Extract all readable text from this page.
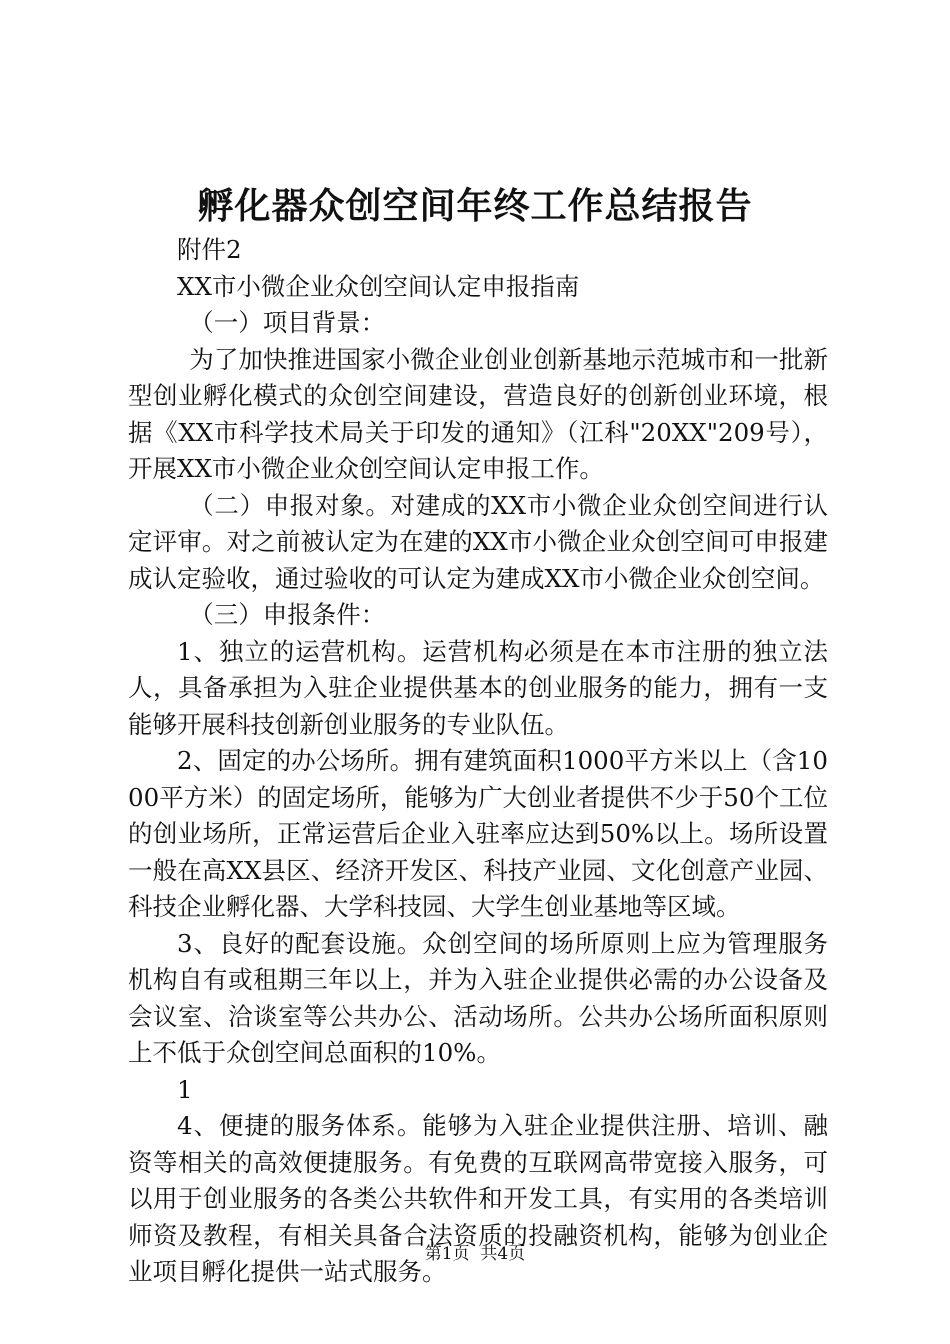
孵化器众创空间年终工作总结报告

附件2

XX市小微企业众创空间认定申报指南

（一）项目背景：

为了加快推进国家小微企业创业创新基地示范城市和一批新型创业孵化模式的众创空间建设，营造良好的创新创业环境，根据《XX市科学技术局关于印发的通知》（江科"20XX"209号），开展XX市小微企业众创空间认定申报工作。

（二）申报对象。对建成的XX市小微企业众创空间进行认定评审。对之前被认定为在建的XX市小微企业众创空间可申报建成认定验收，通过验收的可认定为建成XX市小微企业众创空间。

（三）申报条件：

1、独立的运营机构。运营机构必须是在本市注册的独立法人，具备承担为入驻企业提供基本的创业服务的能力，拥有一支能够开展科技创新创业服务的专业队伍。

2、固定的办公场所。拥有建筑面积1000平方米以上（含1000平方米）的固定场所，能够为广大创业者提供不少于50个工位的创业场所，正常运营后企业入驻率应达到50%以上。场所设置一般在高XX县区、经济开发区、科技产业园、文化创意产业园、科技企业孵化器、大学科技园、大学生创业基地等区域。

3、良好的配套设施。众创空间的场所原则上应为管理服务机构自有或租期三年以上，并为入驻企业提供必需的办公设备及会议室、洽谈室等公共办公、活动场所。公共办公场所面积原则上不低于众创空间总面积的10%。

1

4、便捷的服务体系。能够为入驻企业提供注册、培训、融资等相关的高效便捷服务。有免费的互联网高带宽接入服务，可以用于创业服务的各类公共软件和开发工具，有实用的各类培训师资及教程，有相关具备合法资质的投融资机构，能够为创业企业项目孵化提供一站式服务。

第1页  共4页
